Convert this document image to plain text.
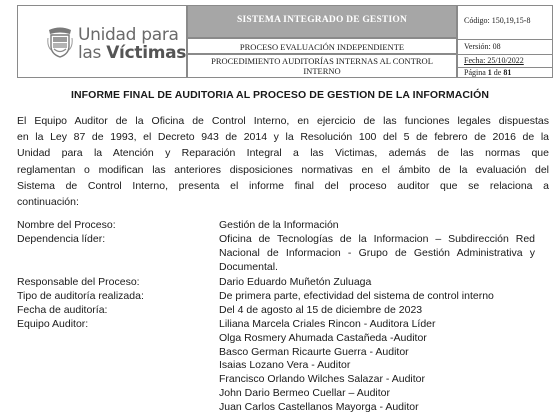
Unidad para
las Víctimas
SISTEMA INTEGRADO DE GESTION
PROCESO EVALUACIÓN INDEPENDIENTE
PROCEDIMIENTO AUDITORÍAS INTERNAS AL CONTROL
INTERNO
Código: 150,19,15-8
Versión: 08
Fecha: 25/10/2022
Página 1 de 81
INFORME FINAL DE AUDITORIA AL PROCESO DE GESTION DE LA INFORMACIÓN
El Equipo Auditor de la Oficina de Control Interno, en ejercicio de las funciones legales dispuestas
en la Ley 87 de 1993, el Decreto 943 de 2014 y la Resolución 100 del 5 de febrero de 2016 de la
Unidad para la Atención y Reparación Integral a las Victimas, además de las normas que
reglamentan o modifican las anteriores disposiciones normativas en el ámbito de la evaluación del
Sistema de Control Interno, presenta el informe final del proceso auditor que se relaciona a
continuación:
Nombre del Proceso:	Gestión de la Información
Dependencia líder:	Oficina de Tecnologías de la Informacion – Subdirección Red
Nacional de Informacion - Grupo de Gestión Administrativa y
Documental.
Responsable del Proceso:	Dario Eduardo Muñetón Zuluaga
Tipo de auditoría realizada:	De primera parte, efectividad del sistema de control interno
Fecha de auditoría:	Del 4 de agosto al 15 de diciembre de 2023
Equipo Auditor:	Liliana Marcela Criales Rincon - Auditora Líder
Olga Rosmery Ahumada Castañeda -Auditor
Basco German Ricaurte Guerra - Auditor
Isaias Lozano Vera - Auditor
Francisco Orlando Wilches Salazar - Auditor
John Dario Bermeo Cuellar – Auditor
Juan Carlos Castellanos Mayorga - Auditor
